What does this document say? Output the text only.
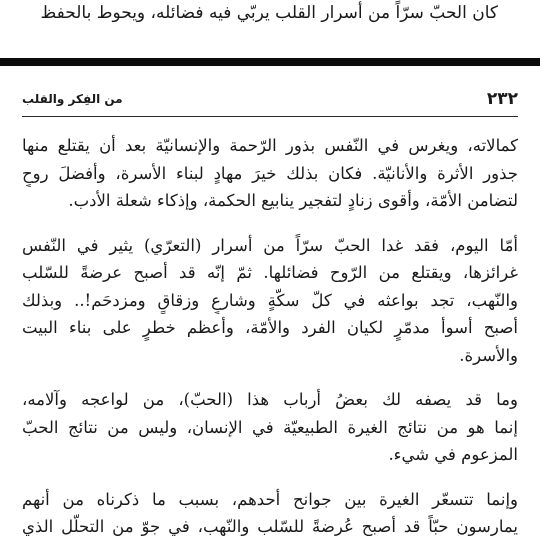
كان الحبّ سرّاً من أسرار القلب يربّي فيه فضائله، ويحوط بالحفظ
٢٣٢
من الفِكر والقلب

كمالاته، ويغرس في النّفس بذور الرّحمة والإنسانيّة بعد أن يقتلع منها
جذور الأثرة والأنانيّة. فكان بذلك خيرَ مهادٍ لبناء الأسرة، وأفضلَ روحٍ
لتضامن الأمّة، وأقوى زنادٍ لتفجير ينابيع الحكمة، وإذكاء شعلة الأدب.

أمّا اليوم، فقد غدا الحبّ سرّاً من أسرار (التعرّي) يثير في النّفس
غرائزها، ويقتلع من الرّوح فضائلها. ثمّ إنّه قد أصبح عرضةً للسّلب
والنّهب، تجد بواعثه في كلّ سكّةٍ وشارعٍ وزقاقٍ ومزدحَم!.. وبذلك
أصبح أسوأ مدمّرٍ لكيان الفرد والأمّة، وأعظم خطرٍ على بناء البيت
والأسرة.

وما قد يصفه لك بعضُ أرباب هذا (الحبّ)، من لواعجه وآلامه،
إنما هو من نتائج الغيرة الطبيعيّة في الإنسان، وليس من نتائج الحبّ
المزعوم في شيء.

وإنما تتسعّر الغيرة بين جوانح أحدهم، بسبب ما ذكرناه من أنهم
يمارسون حبّاً قد أصبح عُرضةً للسّلب والنّهب، في جوّ من التحلّل الذي
